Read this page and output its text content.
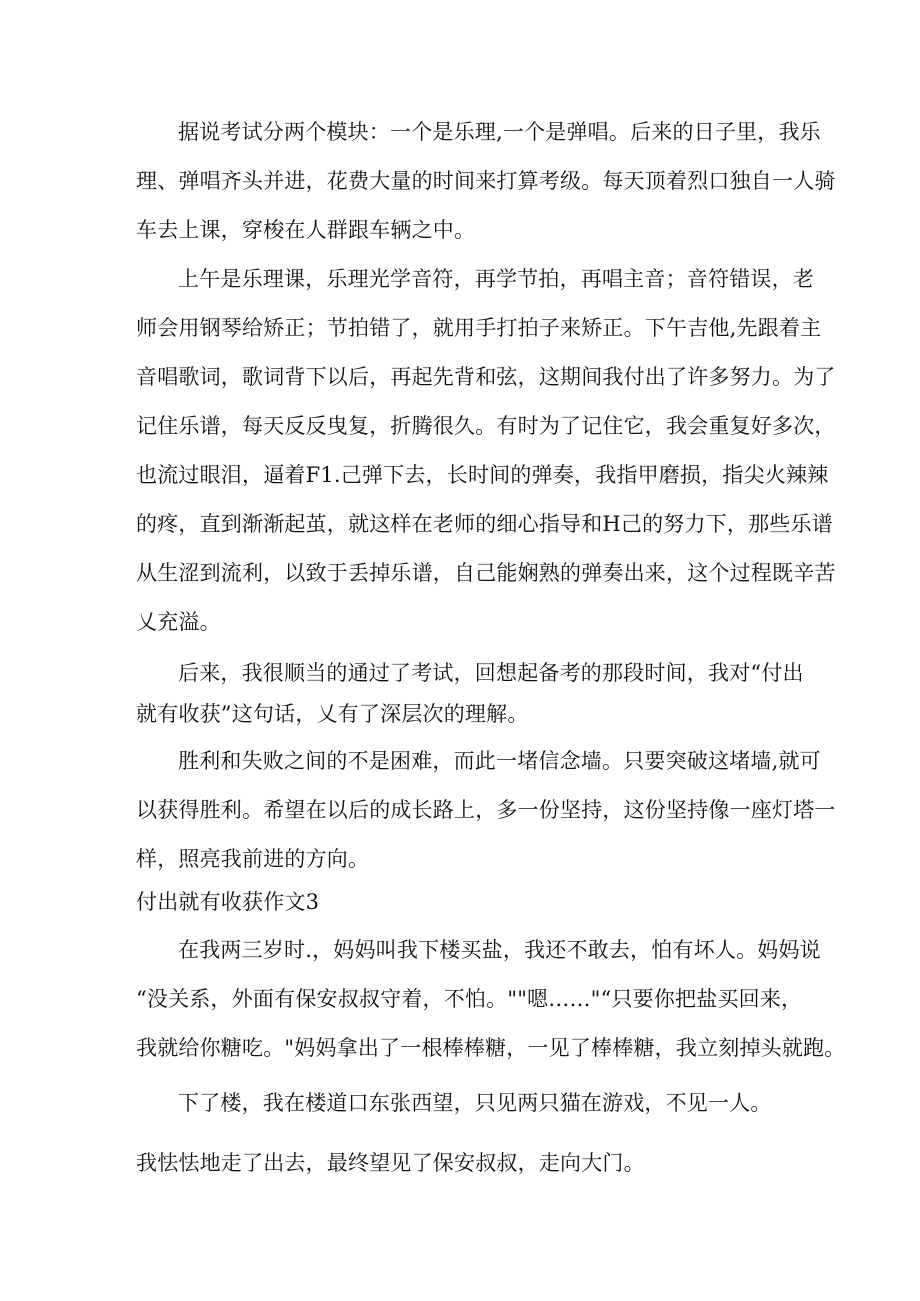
据说考试分两个模块：一个是乐理,一个是弹唱。后来的日子里，我乐
理、弹唱齐头并进，花费大量的时间来打算考级。每天顶着烈口独自一人骑
车去上课，穿梭在人群跟车辆之中。
上午是乐理课，乐理光学音符，再学节拍，再唱主音；音符错误，老
师会用钢琴给矫正；节拍错了，就用手打拍子来矫正。下午吉他,先跟着主
音唱歌词，歌词背下以后，再起先背和弦，这期间我付出了许多努力。为了
记住乐谱，每天反反曳复，折腾很久。有时为了记住它，我会重复好多次，
也流过眼泪，逼着F1.己弹下去，长时间的弹奏，我指甲磨损，指尖火辣辣
的疼，直到渐渐起茧，就这样在老师的细心指导和H己的努力下，那些乐谱
从生涩到流利，以致于丢掉乐谱，自己能娴熟的弹奏出来，这个过程既辛苦
乂充溢。
后来，我很顺当的通过了考试，回想起备考的那段时间，我对“付出
就有收获”这句话，乂有了深层次的理解。
胜利和失败之间的不是困难，而此一堵信念墙。只要突破这堵墙,就可
以获得胜利。希望在以后的成长路上，多一份坚持，这份坚持像一座灯塔一
样，照亮我前进的方向。
付出就有收获作文3
在我两三岁时.，妈妈叫我下楼买盐，我还不敢去，怕有坏人。妈妈说
“没关系，外面有保安叔叔守着，不怕。""嗯……"“只要你把盐买回来，
我就给你糖吃。"妈妈拿出了一根棒棒糖，一见了棒棒糖，我立刻掉头就跑。
下了楼，我在楼道口东张西望，只见两只猫在游戏，不见一人。
我怯怯地走了出去，最终望见了保安叔叔，走向大门。
